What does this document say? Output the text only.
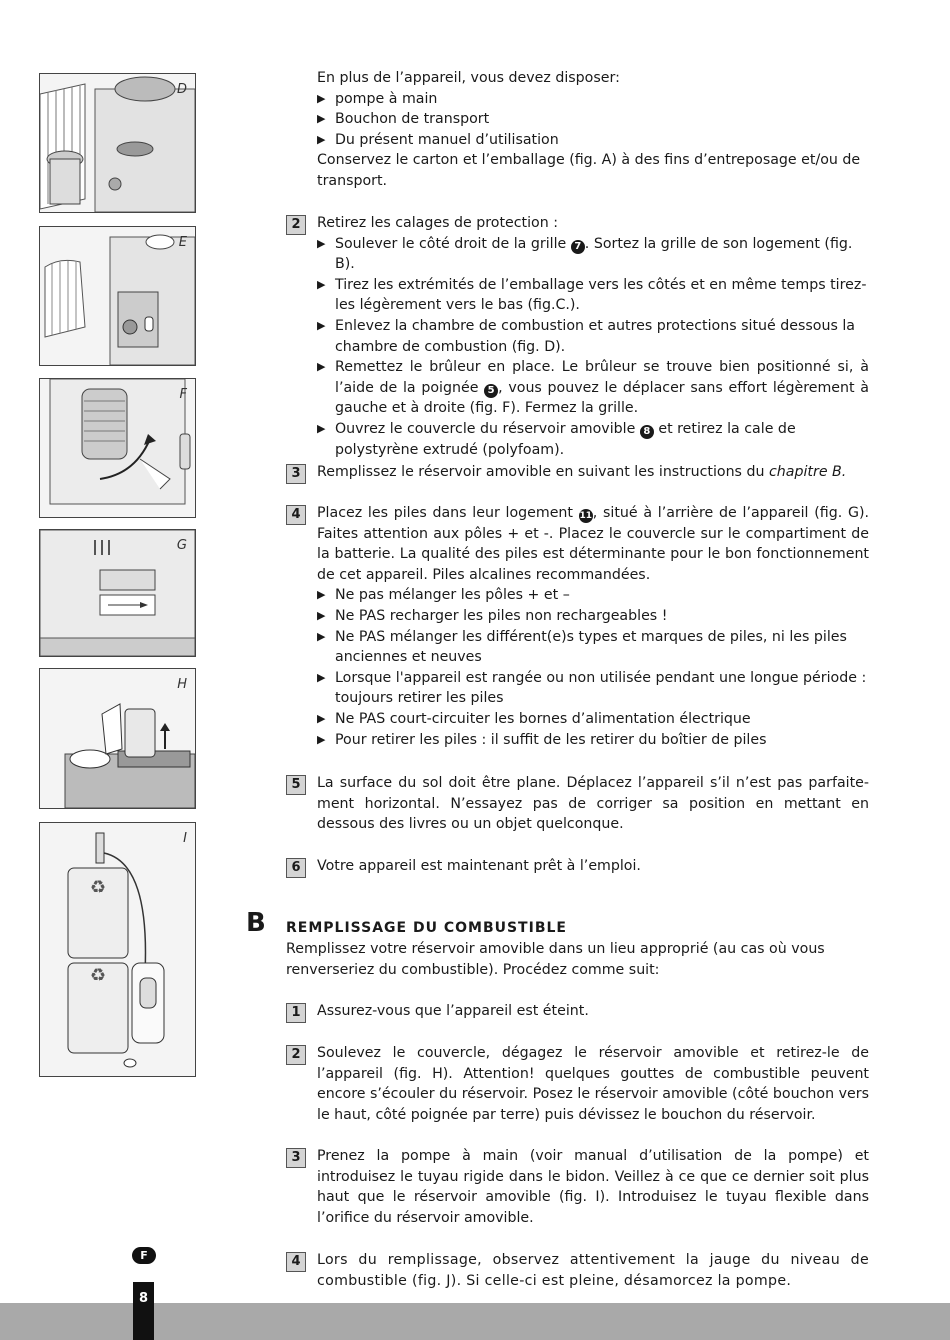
D
E
F
G
H
♻
♻
I

En plus de l’appareil, vous devez disposer:

▶ pompe à main

▶ Bouchon de transport

▶ Du présent manuel d’utilisation

Conservez le carton et l’emballage (fig. A) à des fins d’entreposage et/ou de transport.

2	Retirez les calages de protection :

▶ Soulever le côté droit de la grille 7 . Sortez la grille de son logement (fig. B).

▶ Tirez les extrémités de l’emballage vers les côtés et en même temps tirez-les légèrement vers le bas (fig.C.).

▶ Enlevez la chambre de combustion et autres protections situé dessous la chambre de combustion (fig. D).

▶ Remettez le brûleur en place. Le brûleur se trouve bien positionné si, à l’aide de la poignée 5 , vous pouvez le déplacer sans effort légèrement à gauche et à droite (fig. F). Fermez la grille.

▶ Ouvrez le couvercle du réservoir amovible 8 et retirez la cale de polystyrène extrudé (polyfoam).

3	Remplissez le réservoir amovible en suivant les instructions du chapitre B.

4	Placez les piles dans leur logement 11, situé à l’arrière de l’appareil (fig. G). Faites attention aux pôles + et -. Placez le couvercle sur le compartiment de la batterie. La qualité des piles est déterminante pour le bon fonctionnement de cet appareil. Piles alcalines recommandées.

▶ Ne pas mélanger les pôles + et –

▶ Ne PAS recharger les piles non rechargeables !

▶ Ne PAS mélanger les différent(e)s types et marques de piles, ni les piles anciennes et neuves

▶ Lorsque l'appareil est rangée ou non utilisée pendant une longue période : toujours retirer les piles

▶ Ne PAS court-circuiter les bornes d’alimentation électrique

▶ Pour retirer les piles : il suffit de les retirer du boîtier de piles

5	La surface du sol doit être plane. Déplacez l’appareil s’il n’est pas parfaite-ment horizontal. N’essayez pas de corriger sa position en mettant en dessous des livres ou un objet quelconque.

6	Votre appareil est maintenant prêt à l’emploi.

B REMPLISSAGE DU COMBUSTIBLE
Remplissez votre réservoir amovible dans un lieu approprié (au cas où vous renverseriez du combustible). Procédez comme suit:
1	Assurez-vous que l’appareil est éteint.

2	Soulevez le couvercle, dégagez le réservoir amovible et retirez-le de l’appareil (fig. H). Attention! quelques gouttes de combustible peuvent encore s’écouler du réservoir. Posez le réservoir amovible (côté bouchon vers le haut, côté poignée par terre) puis dévissez le bouchon du réservoir.

3	Prenez la pompe à main (voir manual d’utilisation de la pompe) et introduisez le tuyau rigide dans le bidon. Veillez à ce que ce dernier soit plus haut que le réservoir amovible (fig. I). Introduisez le tuyau flexible dans l’orifice du réservoir amovible.

4	Lors du remplissage, observez attentivement la jauge du niveau de combustible (fig. J). Si celle-ci est pleine, désamorcez la pompe.

F
8
